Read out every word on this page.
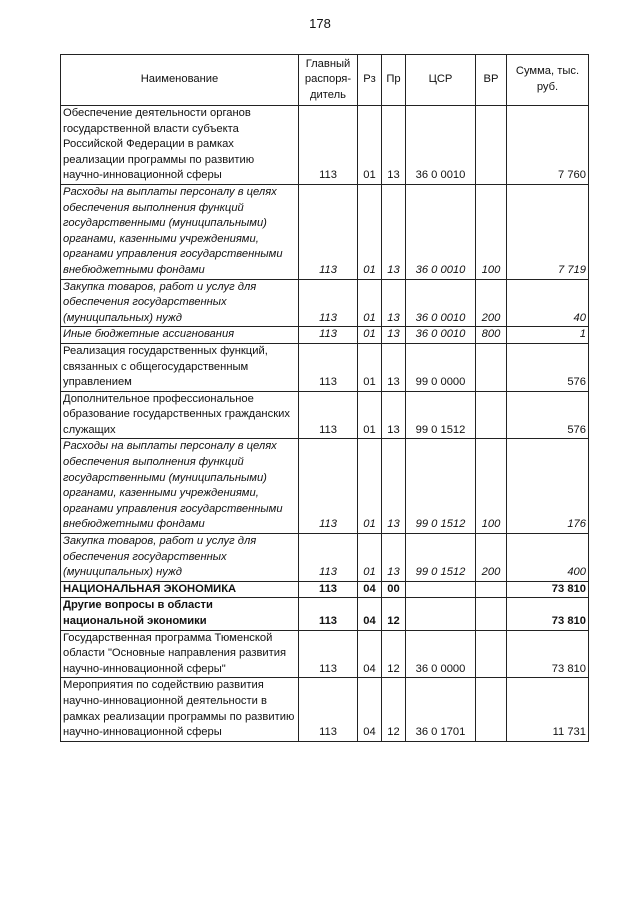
178
Наименование	Главный распоря-дитель	Рз	Пр	ЦСР	ВР	Сумма, тыс. руб.
Обеспечение деятельности органов государственной власти субъекта Российской Федерации в рамках реализации программы по развитию научно-инновационной сферы	113	01	13	36 0 0010		7 760
Расходы на выплаты персоналу в целях обеспечения выполнения функций государственными (муниципальными) органами, казенными учреждениями, органами управления государственными внебюджетными фондами	113	01	13	36 0 0010	100	7 719
Закупка товаров, работ и услуг для обеспечения государственных (муниципальных) нужд	113	01	13	36 0 0010	200	40
Иные бюджетные ассигнования	113	01	13	36 0 0010	800	1
Реализация государственных функций, связанных с общегосударственным управлением	113	01	13	99 0 0000		576
Дополнительное профессиональное образование государственных гражданских служащих	113	01	13	99 0 1512		576
Расходы на выплаты персоналу в целях обеспечения выполнения функций государственными (муниципальными) органами, казенными учреждениями, органами управления государственными внебюджетными фондами	113	01	13	99 0 1512	100	176
Закупка товаров, работ и услуг для обеспечения государственных (муниципальных) нужд	113	01	13	99 0 1512	200	400
НАЦИОНАЛЬНАЯ ЭКОНОМИКА	113	04	00			73 810
Другие вопросы в области национальной экономики	113	04	12			73 810
Государственная программа Тюменской области "Основные направления развития научно-инновационной сферы"	113	04	12	36 0 0000		73 810
Мероприятия по содействию развития научно-инновационной деятельности в рамках реализации программы по развитию научно-инновационной сферы	113	04	12	36 0 1701		11 731
